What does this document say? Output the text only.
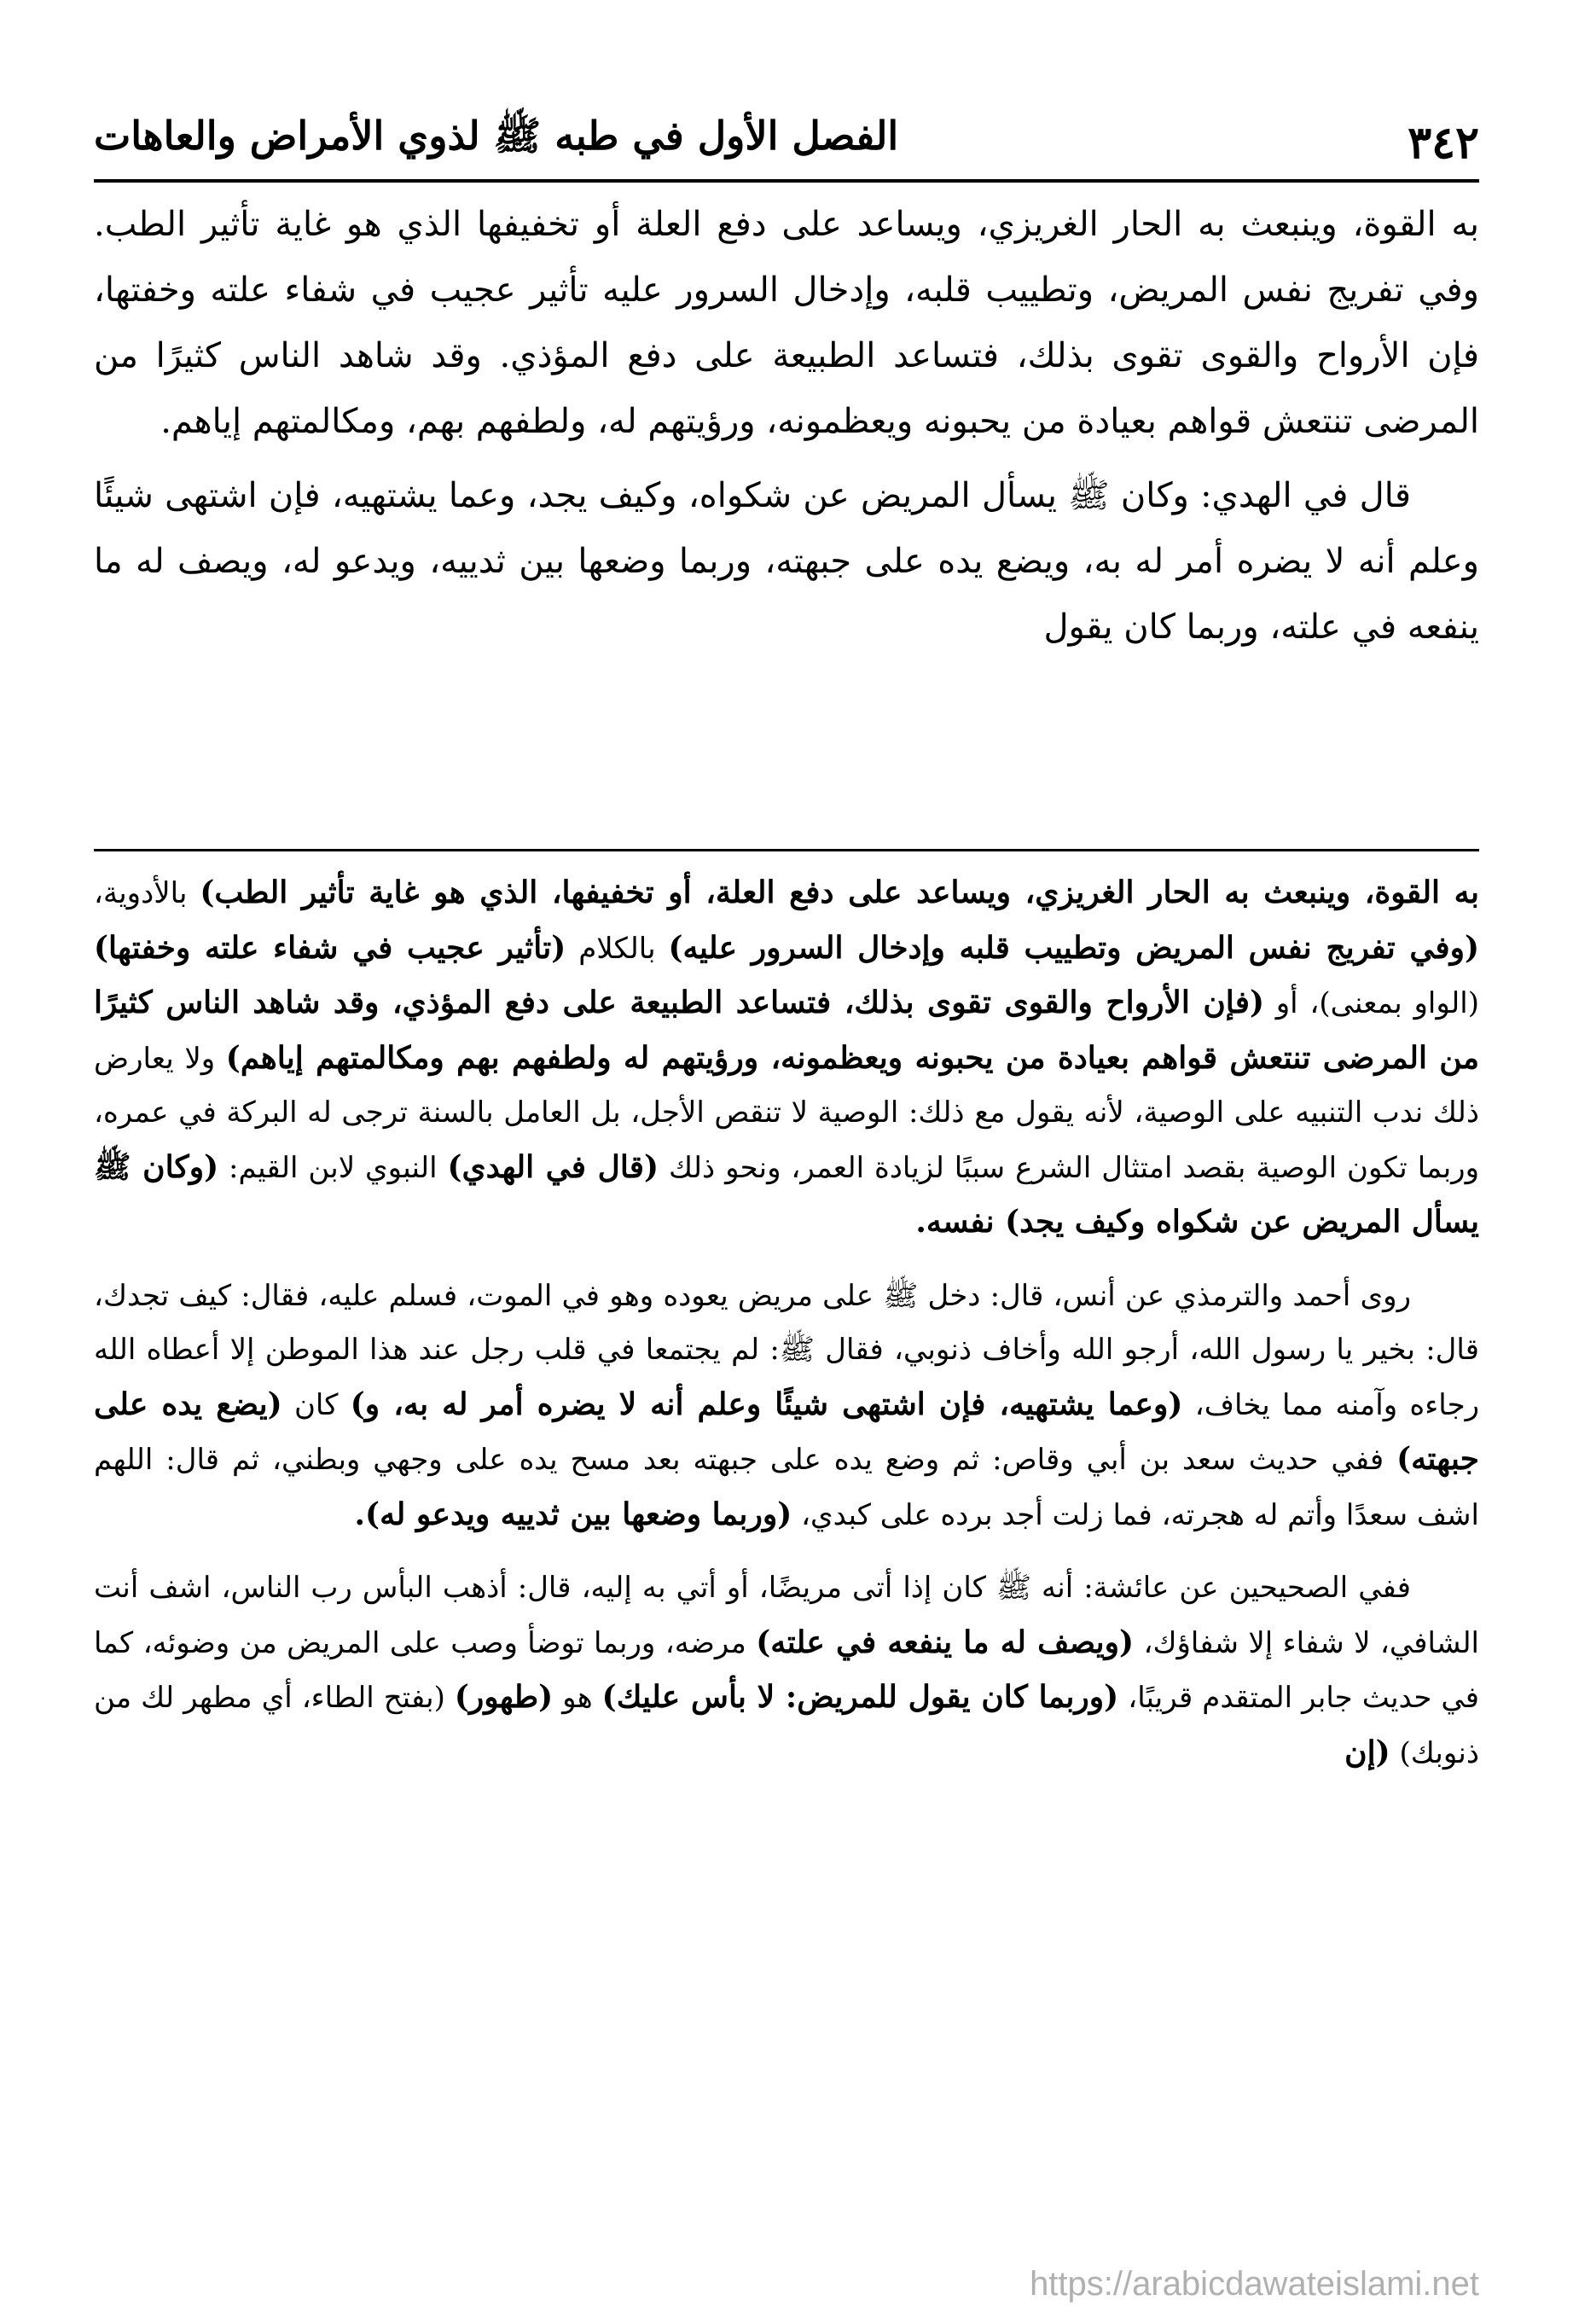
٣٤٢
الفصل الأول في طبه ﷺ لذوي الأمراض والعاهات

به القوة، وينبعث به الحار الغريزي، ويساعد على دفع العلة أو تخفيفها الذي هو غاية تأثير الطب. وفي تفريج نفس المريض، وتطييب قلبه، وإدخال السرور عليه تأثير عجيب في شفاء علته وخفتها، فإن الأرواح والقوى تقوى بذلك، فتساعد الطبيعة على دفع المؤذي. وقد شاهد الناس كثيرًا من المرضى تنتعش قواهم بعيادة من يحبونه ويعظمونه، ورؤيتهم له، ولطفهم بهم، ومكالمتهم إياهم.

قال في الهدي: وكان ﷺ يسأل المريض عن شكواه، وكيف يجد، وعما يشتهيه، فإن اشتهى شيئًا وعلم أنه لا يضره أمر له به، ويضع يده على جبهته، وربما وضعها بين ثدييه، ويدعو له، ويصف له ما ينفعه في علته، وربما كان يقول

به القوة، وينبعث به الحار الغريزي، ويساعد على دفع العلة، أو تخفيفها، الذي هو غاية تأثير الطب) بالأدوية، (وفي تفريج نفس المريض وتطييب قلبه وإدخال السرور عليه) بالكلام (تأثير عجيب في شفاء علته وخفتها) (الواو بمعنى)، أو (فإن الأرواح والقوى تقوى بذلك، فتساعد الطبيعة على دفع المؤذي، وقد شاهد الناس كثيرًا من المرضى تنتعش قواهم بعيادة من يحبونه ويعظمونه، ورؤيتهم له ولطفهم بهم ومكالمتهم إياهم) ولا يعارض ذلك ندب التنبيه على الوصية، لأنه يقول مع ذلك: الوصية لا تنقص الأجل، بل العامل بالسنة ترجى له البركة في عمره، وربما تكون الوصية بقصد امتثال الشرع سببًا لزيادة العمر، ونحو ذلك (قال في الهدي) النبوي لابن القيم: (وكان ﷺ يسأل المريض عن شكواه وكيف يجد) نفسه.

روى أحمد والترمذي عن أنس، قال: دخل ﷺ على مريض يعوده وهو في الموت، فسلم عليه، فقال: كيف تجدك، قال: بخير يا رسول الله، أرجو الله وأخاف ذنوبي، فقال ﷺ: لم يجتمعا في قلب رجل عند هذا الموطن إلا أعطاه الله رجاءه وآمنه مما يخاف، (وعما يشتهيه، فإن اشتهى شيئًا وعلم أنه لا يضره أمر له به، و) كان (يضع يده على جبهته) ففي حديث سعد بن أبي وقاص: ثم وضع يده على جبهته بعد مسح يده على وجهي وبطني، ثم قال: اللهم اشف سعدًا وأتم له هجرته، فما زلت أجد برده على كبدي، (وربما وضعها بين ثدييه ويدعو له).

ففي الصحيحين عن عائشة: أنه ﷺ كان إذا أتى مريضًا، أو أتي به إليه، قال: أذهب البأس رب الناس، اشف أنت الشافي، لا شفاء إلا شفاؤك، (ويصف له ما ينفعه في علته) مرضه، وربما توضأ وصب على المريض من وضوئه، كما في حديث جابر المتقدم قريبًا، (وربما كان يقول للمريض: لا بأس عليك) هو (طهور) (بفتح الطاء، أي مطهر لك من ذنوبك) (إن

https://arabicdawateislami.net
